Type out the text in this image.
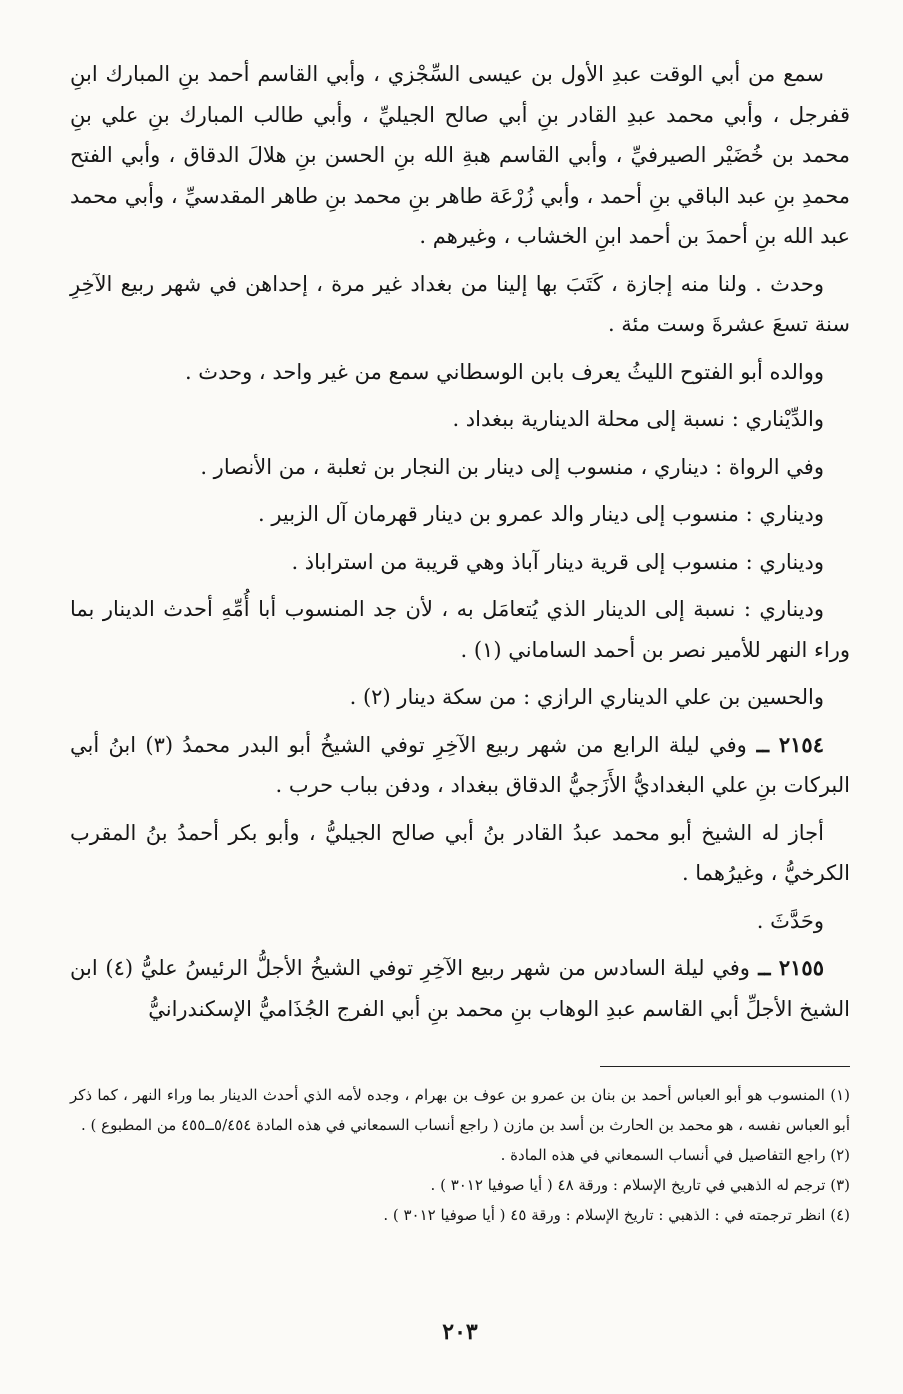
سمع من أبي الوقت عبدِ الأول بن عيسى السِّجْزي ، وأبي القاسم أحمد بنِ المبارك ابنِ قفرجل ، وأبي محمد عبدِ القادر بنِ أبي صالح الجيليِّ ، وأبي طالب المبارك بنِ علي بنِ محمد بن خُضَيْر الصيرفيِّ ، وأبي القاسم هبةِ الله بنِ الحسن بنِ هلالَ الدقاق ، وأبي الفتح محمدِ بنِ عبد الباقي بنِ أحمد ، وأبي زُرْعَة طاهر بنِ محمد بنِ طاهر المقدسيِّ ، وأبي محمد عبد الله بنِ أحمدَ بن أحمد ابنِ الخشاب ، وغيرهم .

وحدث . ولنا منه إجازة ، كَتَبَ بها إلينا من بغداد غير مرة ، إحداهن في شهر ربيع الآخِرِ سنة تسعَ عشرةَ وست مئة .

ووالده أبو الفتوح الليثُ يعرف بابن الوسطاني سمع من غير واحد ، وحدث .

والدِّيْناري : نسبة إلى محلة الدينارية ببغداد .

وفي الرواة : ديناري ، منسوب إلى دينار بن النجار بن ثعلبة ، من الأنصار .

وديناري : منسوب إلى دينار والد عمرو بن دينار قهرمان آل الزبير .

وديناري : منسوب إلى قرية دينار آباذ وهي قريبة من استراباذ .

وديناري : نسبة إلى الدينار الذي يُتعامَل به ، لأن جد المنسوب أبا أُمِّهِ أحدث الدينار بما وراء النهر للأمير نصر بن أحمد الساماني (١) .

والحسين بن علي الديناري الرازي : من سكة دينار (٢) .

٢١٥٤ ــ وفي ليلة الرابع من شهر ربيع الآخِرِ توفي الشيخُ أبو البدر محمدُ (٣) ابنُ أبي البركات بنِ علي البغداديُّ الأَزَجيُّ الدقاق ببغداد ، ودفن بباب حرب .

أجاز له الشيخ أبو محمد عبدُ القادر بنُ أبي صالح الجيليُّ ، وأبو بكر أحمدُ بنُ المقرب الكرخيُّ ، وغيرُهما .

وحَدَّثَ .

٢١٥٥ ــ وفي ليلة السادس من شهر ربيع الآخِرِ توفي الشيخُ الأجلُّ الرئيسُ عليُّ (٤) ابن الشيخ الأجلِّ أبي القاسم عبدِ الوهاب بنِ محمد بنِ أبي الفرج الجُذَاميُّ الإسكندرانيُّ

(١) المنسوب هو أبو العباس أحمد بن بنان بن عمرو بن عوف بن بهرام ، وجده لأمه الذي أحدث الدينار بما وراء النهر ، كما ذكر أبو العباس نفسه ، هو محمد بن الحارث بن أسد بن مازن ( راجع أنساب السمعاني في هذه المادة ٥/٤٥٤ــ٤٥٥ من المطبوع ) .

(٢) راجع التفاصيل في أنساب السمعاني في هذه المادة .

(٣) ترجم له الذهبي في تاريخ الإسلام : ورقة ٤٨ ( أيا صوفيا ٣٠١٢ ) .

(٤) انظر ترجمته في : الذهبي : تاريخ الإسلام : ورقة ٤٥ ( أيا صوفيا ٣٠١٢ ) .

٢٠٣
